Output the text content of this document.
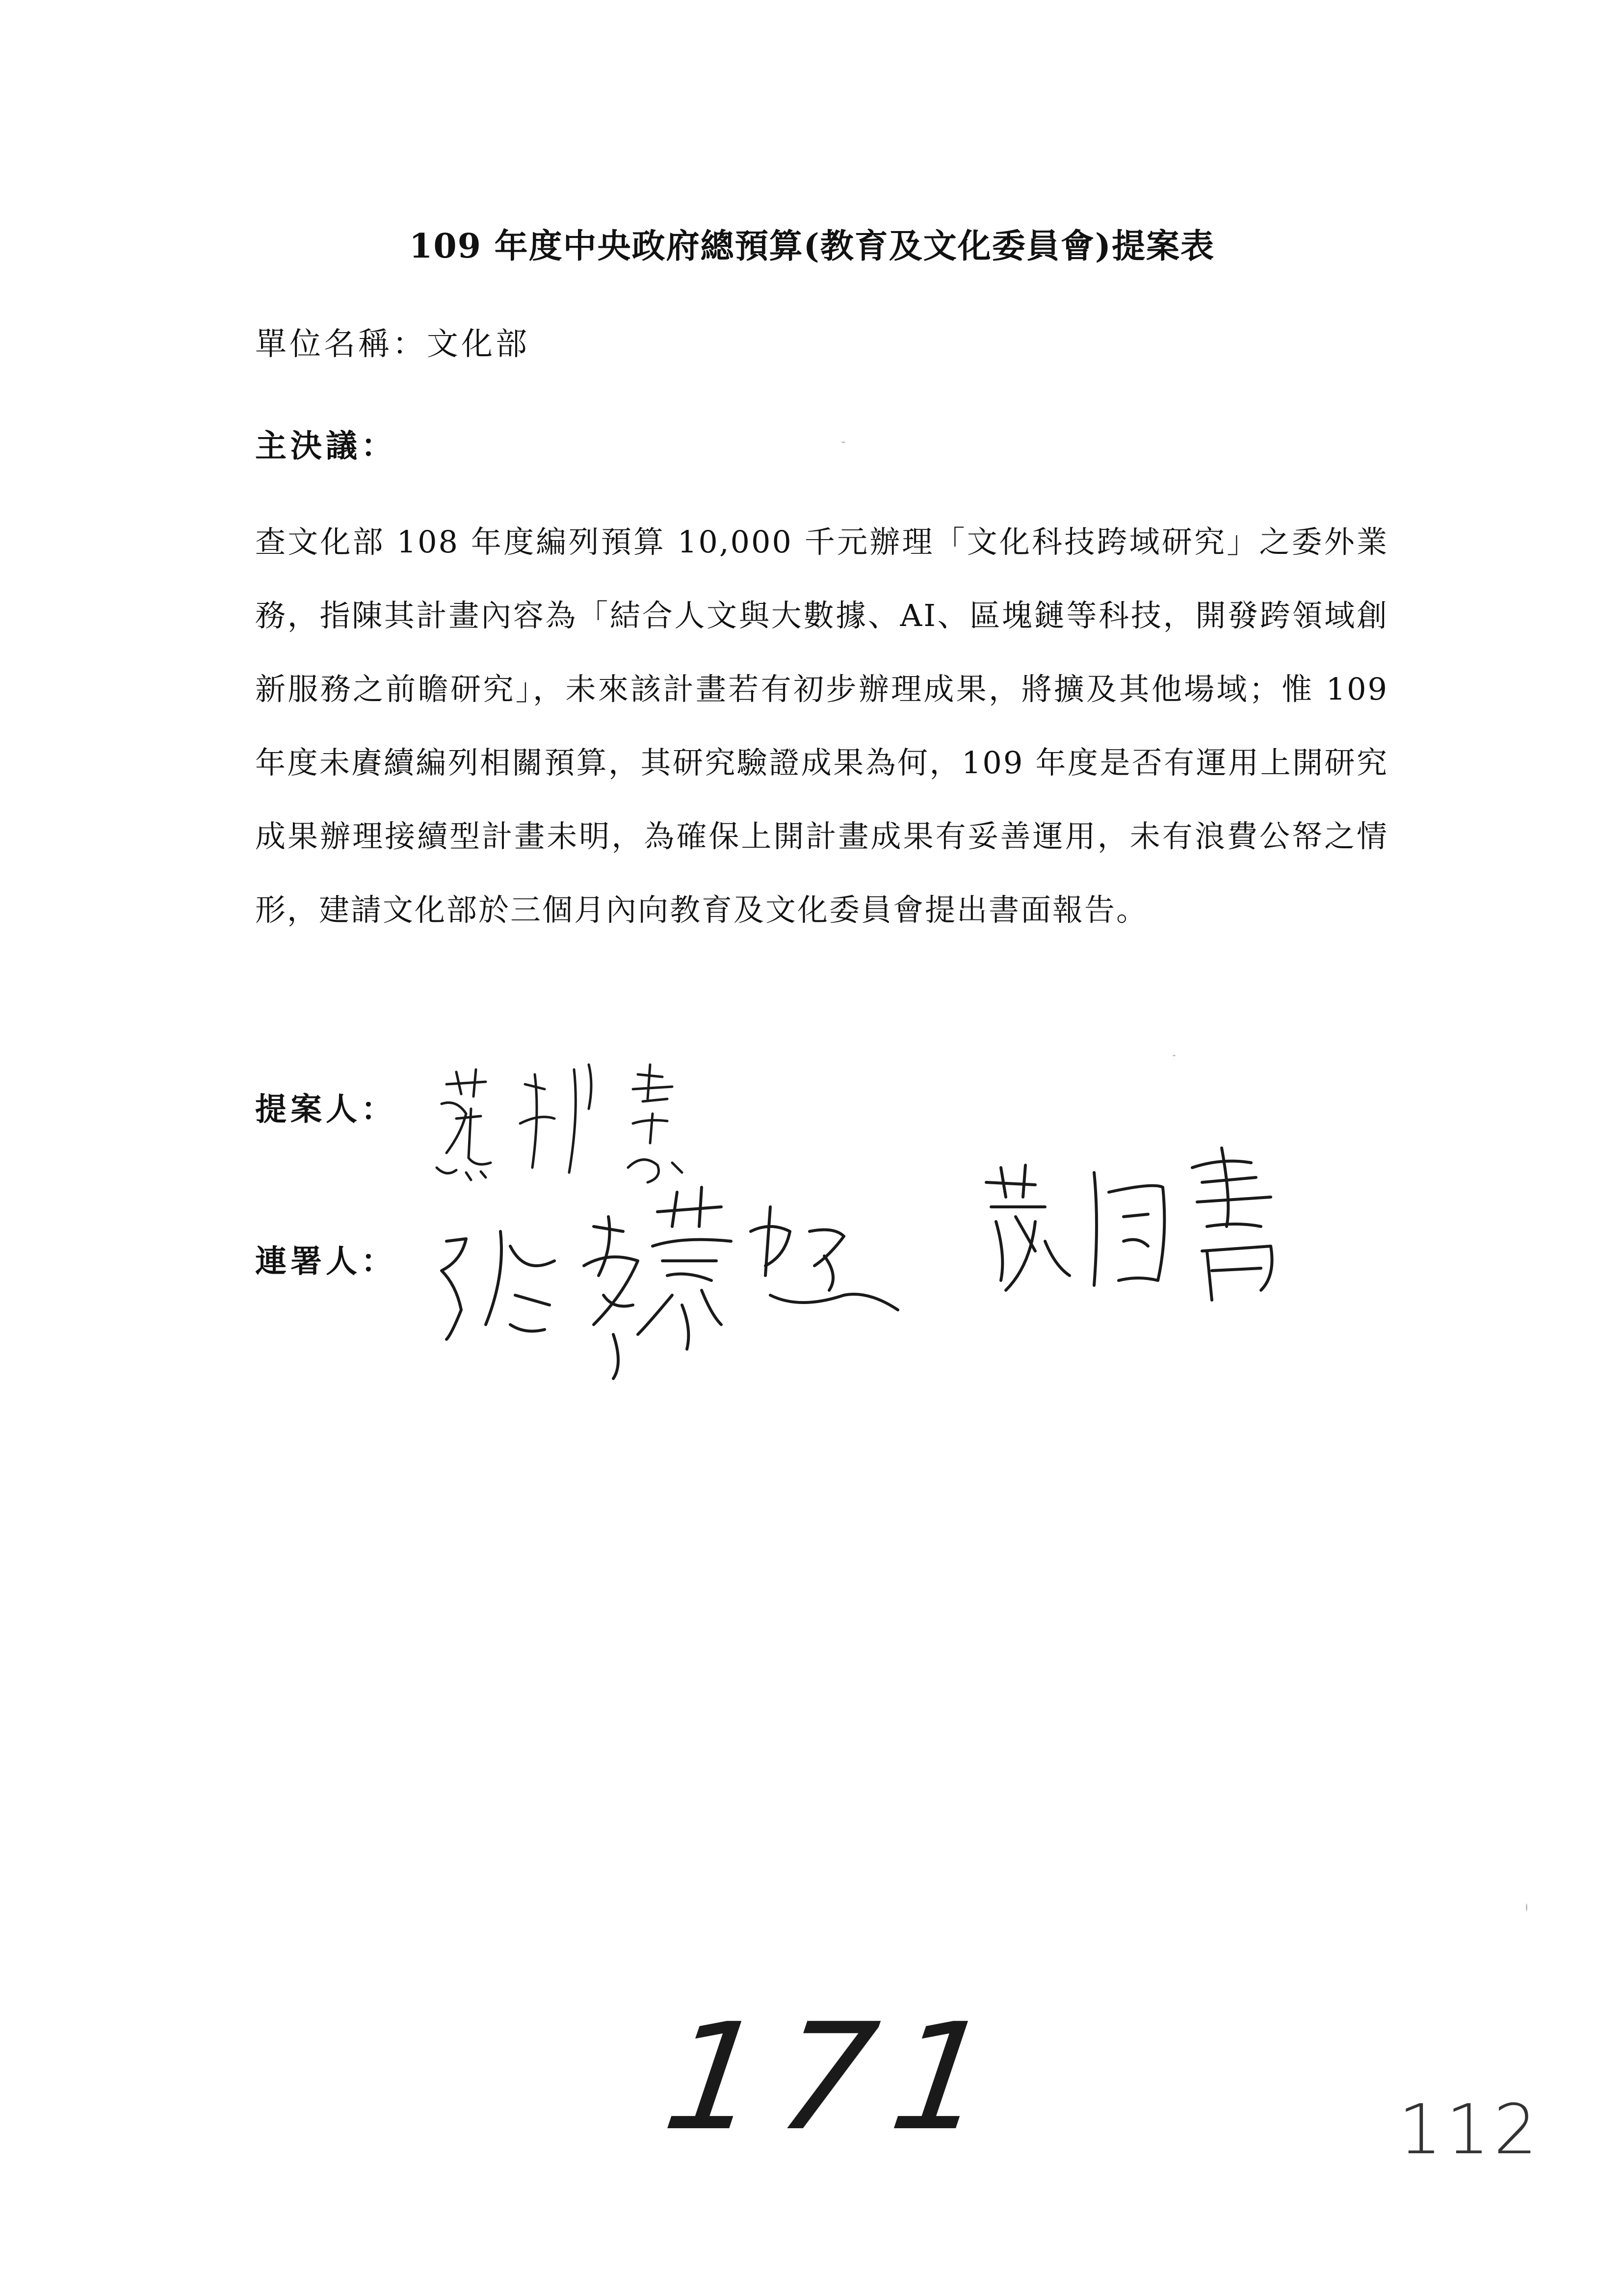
109 年度中央政府總預算(教育及文化委員會)提案表
單位名稱：文化部
主決議：
查文化部 108 年度編列預算 10,000 千元辦理「文化科技跨域研究」之委外業務，指陳其計畫內容為「結合人文與大數據、AI、區塊鏈等科技，開發跨領域創新服務之前瞻研究」，未來該計畫若有初步辦理成果，將擴及其他場域；惟 109 年度未賡續編列相關預算，其研究驗證成果為何，109 年度是否有運用上開研究成果辦理接續型計畫未明，為確保上開計畫成果有妥善運用，未有浪費公帑之情形，建請文化部於三個月內向教育及文化委員會提出書面報告。
提案人：
連署人：
171	112
